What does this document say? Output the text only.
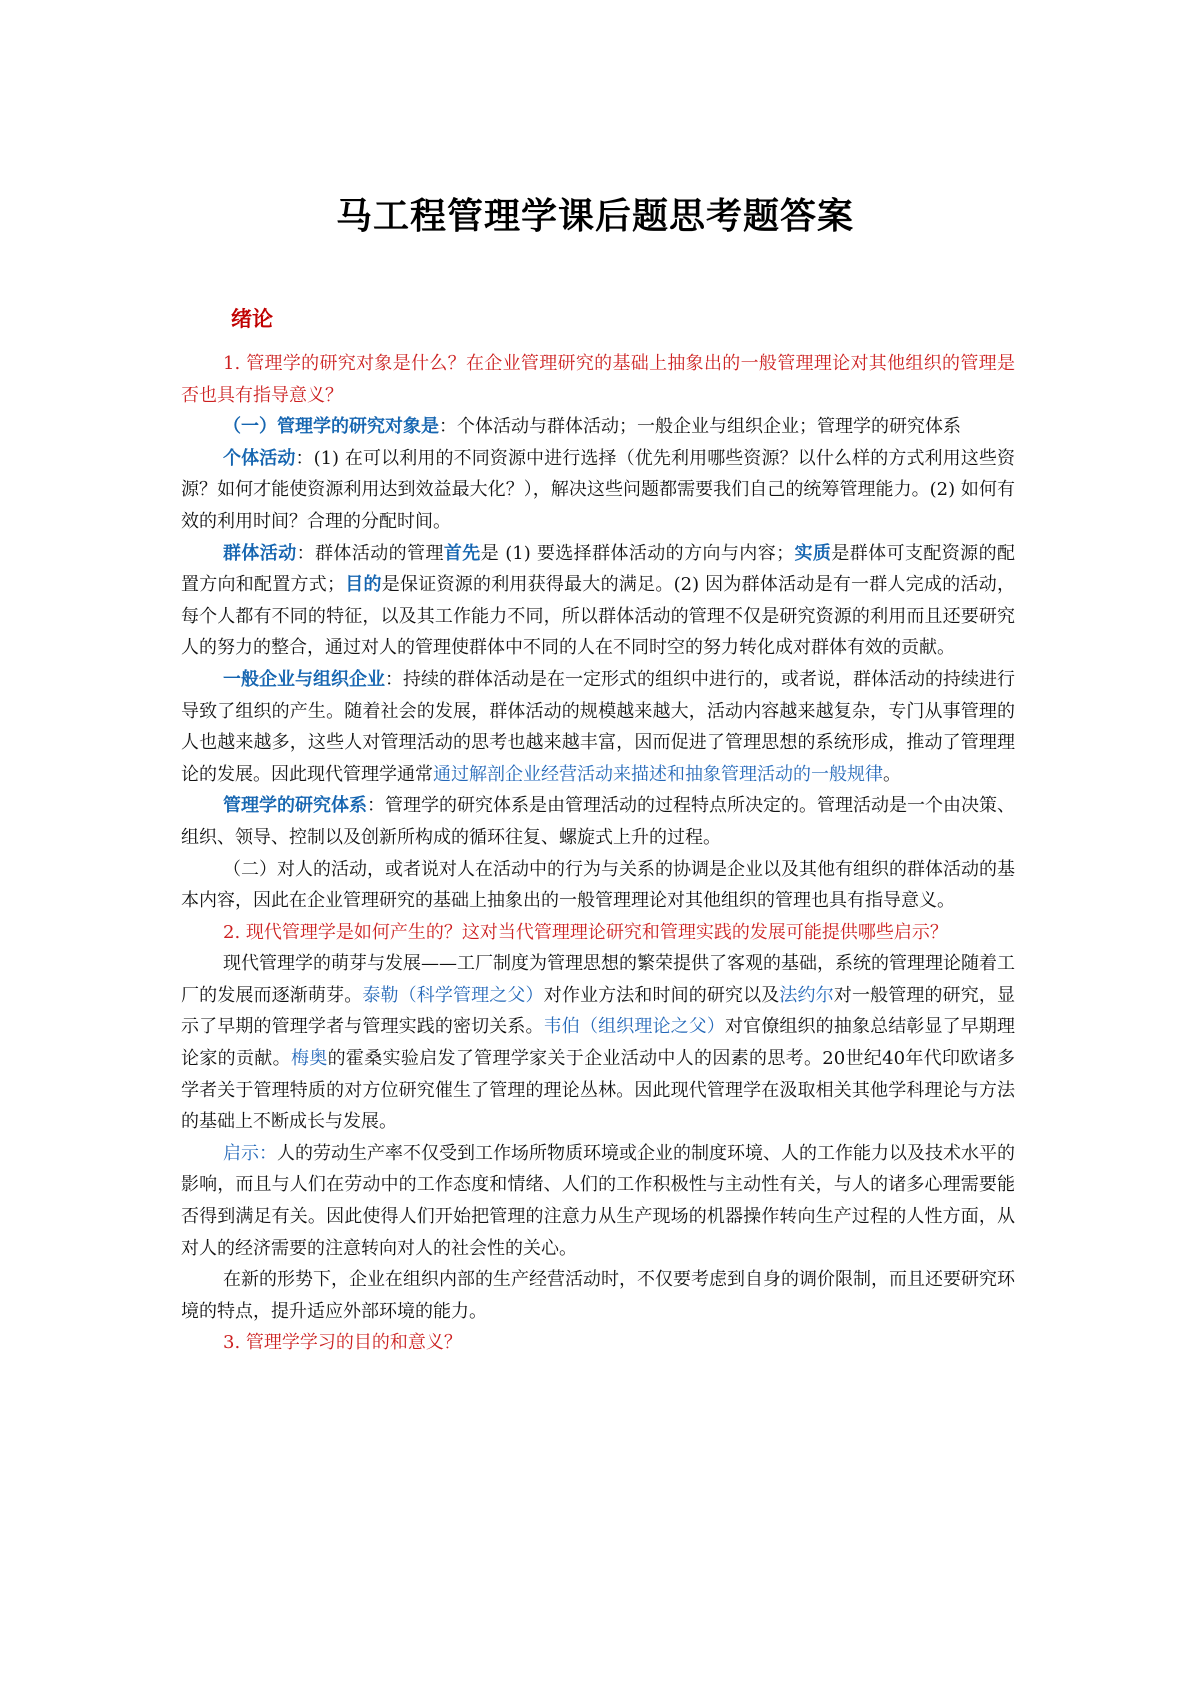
马工程管理学课后题思考题答案
绪论

1. 管理学的研究对象是什么？在企业管理研究的基础上抽象出的一般管理理论对其他组织的管理是否也具有指导意义？

（一）管理学的研究对象是：个体活动与群体活动；一般企业与组织企业；管理学的研究体系

个体活动：(1) 在可以利用的不同资源中进行选择（优先利用哪些资源？以什么样的方式利用这些资源？如何才能使资源利用达到效益最大化？），解决这些问题都需要我们自己的统筹管理能力。(2) 如何有效的利用时间？合理的分配时间。

群体活动：群体活动的管理首先是 (1) 要选择群体活动的方向与内容；实质是群体可支配资源的配置方向和配置方式；目的是保证资源的利用获得最大的满足。(2) 因为群体活动是有一群人完成的活动，每个人都有不同的特征，以及其工作能力不同，所以群体活动的管理不仅是研究资源的利用而且还要研究人的努力的整合，通过对人的管理使群体中不同的人在不同时空的努力转化成对群体有效的贡献。

一般企业与组织企业：持续的群体活动是在一定形式的组织中进行的，或者说，群体活动的持续进行导致了组织的产生。随着社会的发展，群体活动的规模越来越大，活动内容越来越复杂，专门从事管理的人也越来越多，这些人对管理活动的思考也越来越丰富，因而促进了管理思想的系统形成，推动了管理理论的发展。因此现代管理学通常通过解剖企业经营活动来描述和抽象管理活动的一般规律。

管理学的研究体系：管理学的研究体系是由管理活动的过程特点所决定的。管理活动是一个由决策、组织、领导、控制以及创新所构成的循环往复、螺旋式上升的过程。

（二）对人的活动，或者说对人在活动中的行为与关系的协调是企业以及其他有组织的群体活动的基本内容，因此在企业管理研究的基础上抽象出的一般管理理论对其他组织的管理也具有指导意义。

2. 现代管理学是如何产生的？这对当代管理理论研究和管理实践的发展可能提供哪些启示？

现代管理学的萌芽与发展——工厂制度为管理思想的繁荣提供了客观的基础，系统的管理理论随着工厂的发展而逐渐萌芽。泰勒（科学管理之父）对作业方法和时间的研究以及法约尔对一般管理的研究，显示了早期的管理学者与管理实践的密切关系。韦伯（组织理论之父）对官僚组织的抽象总结彰显了早期理论家的贡献。梅奥的霍桑实验启发了管理学家关于企业活动中人的因素的思考。20世纪40年代印欧诸多学者关于管理特质的对方位研究催生了管理的理论丛林。因此现代管理学在汲取相关其他学科理论与方法的基础上不断成长与发展。

启示：人的劳动生产率不仅受到工作场所物质环境或企业的制度环境、人的工作能力以及技术水平的影响，而且与人们在劳动中的工作态度和情绪、人们的工作积极性与主动性有关，与人的诸多心理需要能否得到满足有关。因此使得人们开始把管理的注意力从生产现场的机器操作转向生产过程的人性方面，从对人的经济需要的注意转向对人的社会性的关心。

在新的形势下，企业在组织内部的生产经营活动时，不仅要考虑到自身的调价限制，而且还要研究环境的特点，提升适应外部环境的能力。

3. 管理学学习的目的和意义？
